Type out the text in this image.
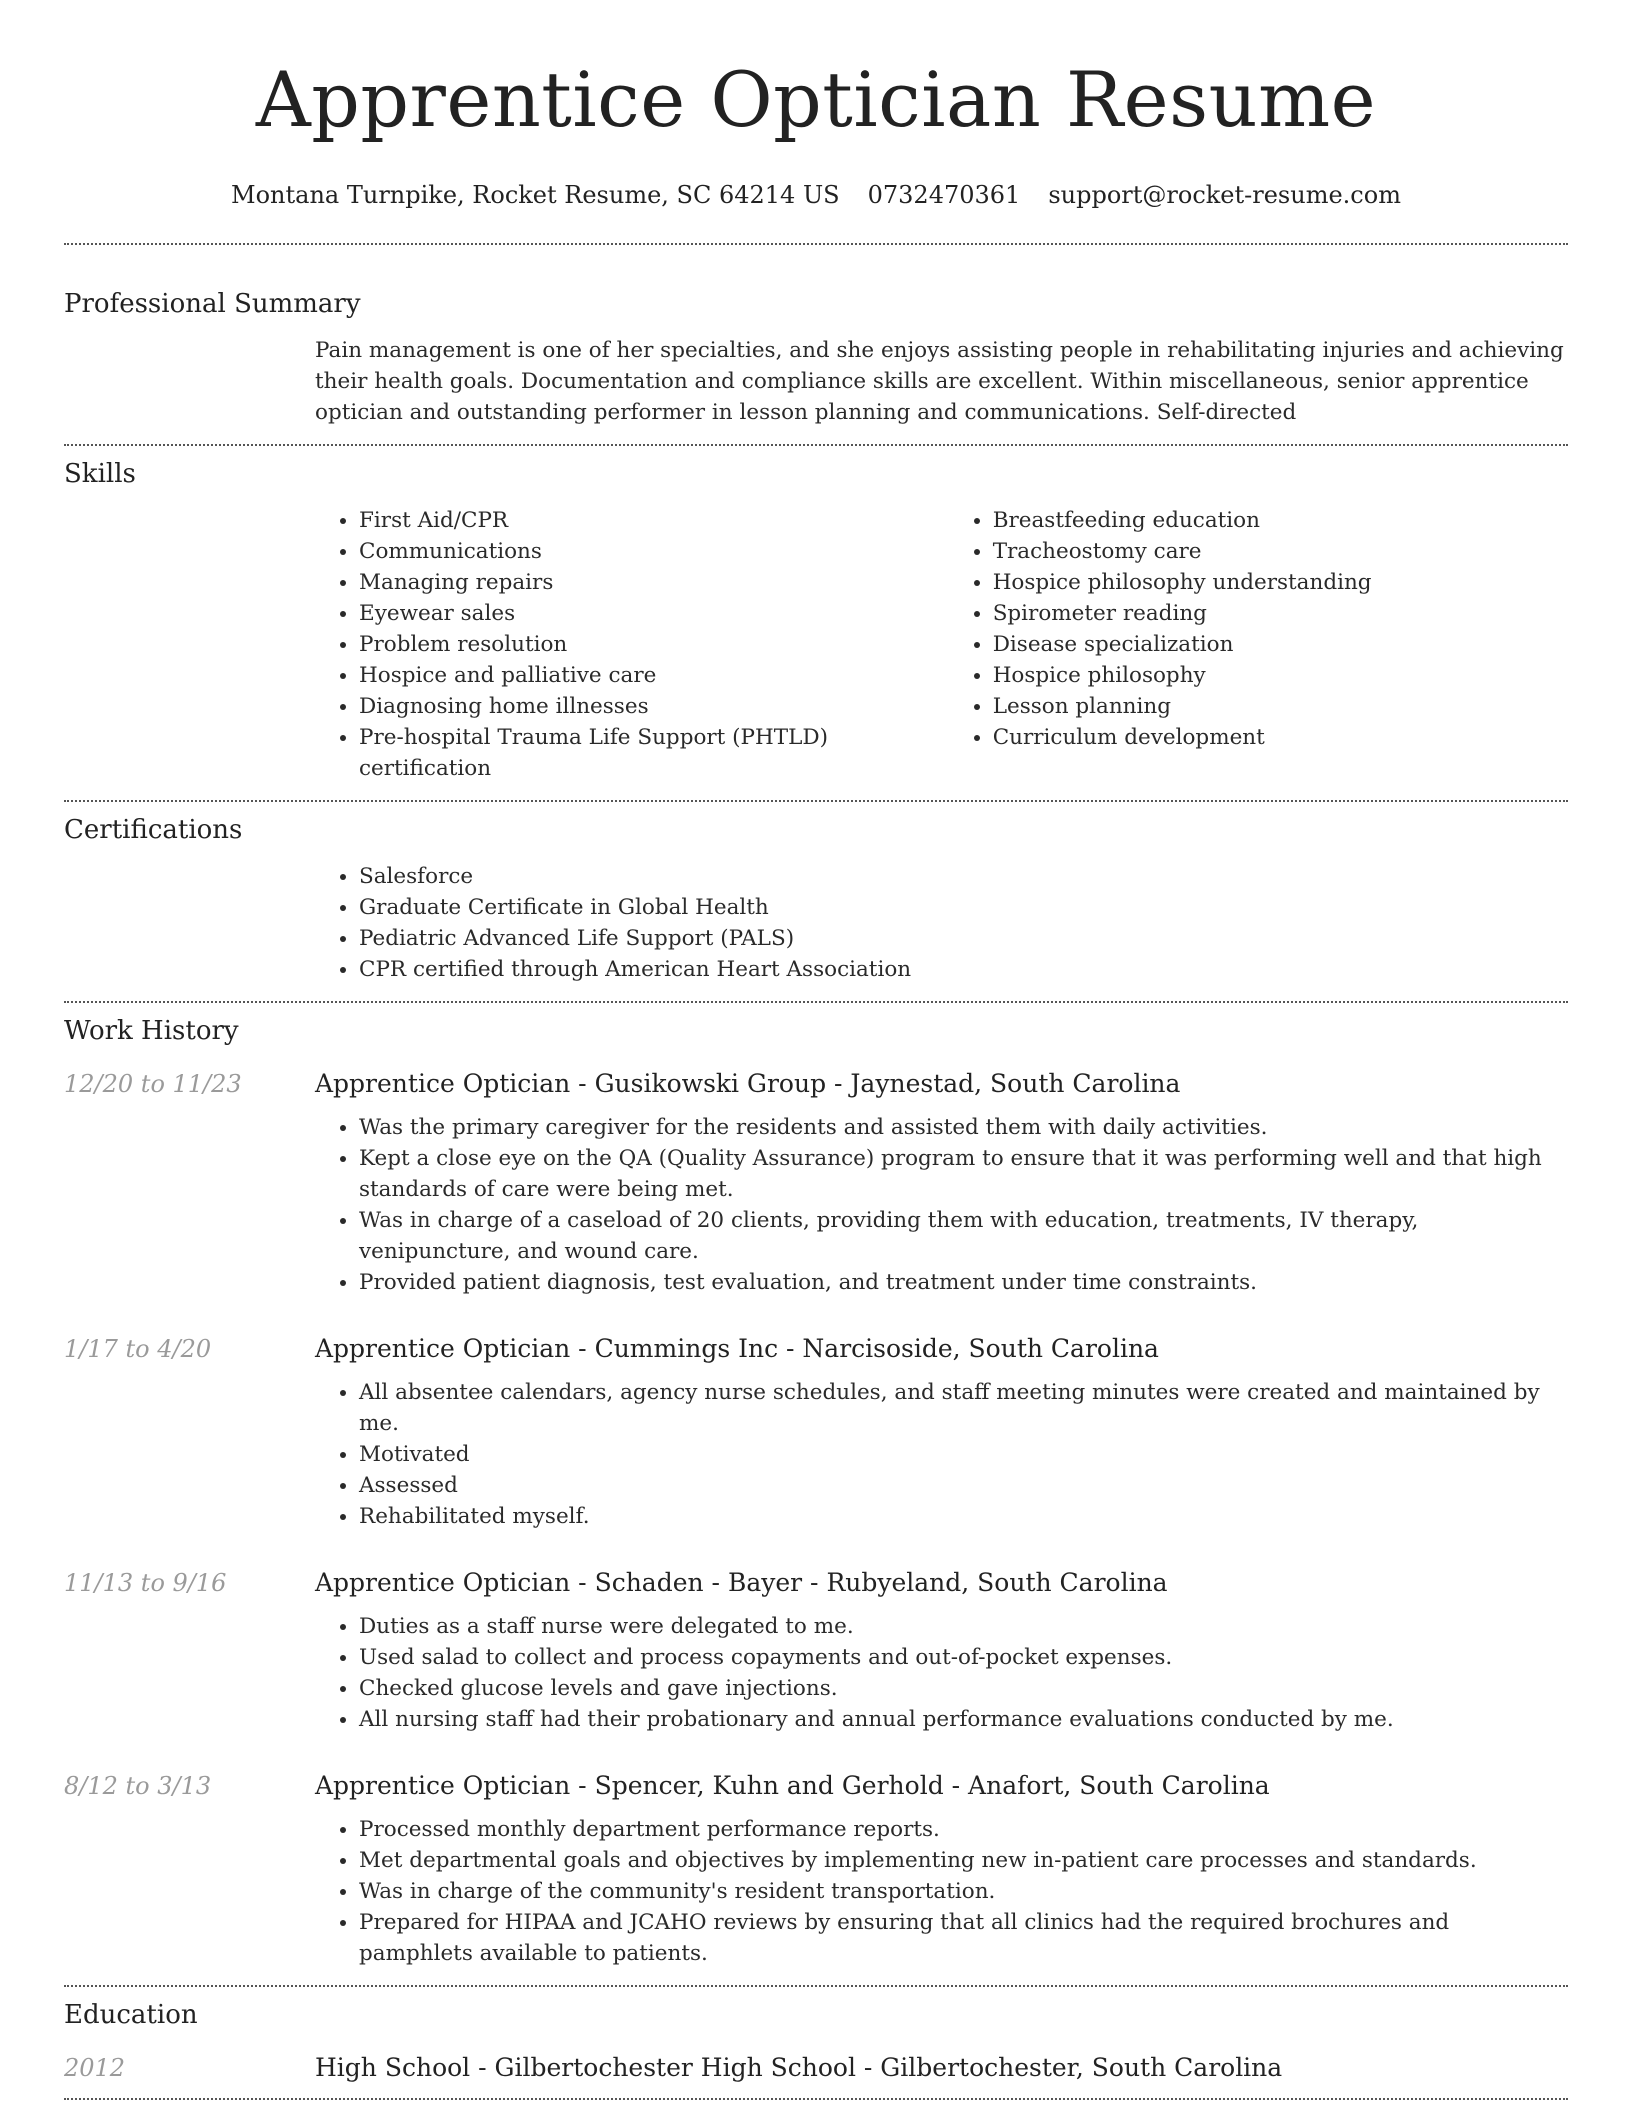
Apprentice Optician Resume
Montana Turnpike, Rocket Resume, SC 64214 US 0732470361 support@rocket-resume.com
Professional Summary

Pain management is one of her specialties, and she enjoys assisting people in rehabilitating injuries and achieving their health goals. Documentation and compliance skills are excellent. Within miscellaneous, senior apprentice optician and outstanding performer in lesson planning and communications. Self-directed

Skills
• First Aid/CPR
• Communications
• Managing repairs
• Eyewear sales
• Problem resolution
• Hospice and palliative care
• Diagnosing home illnesses
• Pre-hospital Trauma Life Support (PHTLD) certification
• Breastfeeding education
• Tracheostomy care
• Hospice philosophy understanding
• Spirometer reading
• Disease specialization
• Hospice philosophy
• Lesson planning
• Curriculum development
Certifications
• Salesforce
• Graduate Certificate in Global Health
• Pediatric Advanced Life Support (PALS)
• CPR certified through American Heart Association
Work History
12/20 to 11/23	Apprentice Optician - Gusikowski Group - Jaynestad, South Carolina
• Was the primary caregiver for the residents and assisted them with daily activities.
• Kept a close eye on the QA (Quality Assurance) program to ensure that it was performing well and that high standards of care were being met.
• Was in charge of a caseload of 20 clients, providing them with education, treatments, IV therapy, venipuncture, and wound care.
• Provided patient diagnosis, test evaluation, and treatment under time constraints.
1/17 to 4/20	Apprentice Optician - Cummings Inc - Narcisoside, South Carolina
• All absentee calendars, agency nurse schedules, and staff meeting minutes were created and maintained by me.
• Motivated
• Assessed
• Rehabilitated myself.
11/13 to 9/16	Apprentice Optician - Schaden - Bayer - Rubyeland, South Carolina
• Duties as a staff nurse were delegated to me.
• Used salad to collect and process copayments and out-of-pocket expenses.
• Checked glucose levels and gave injections.
• All nursing staff had their probationary and annual performance evaluations conducted by me.
8/12 to 3/13	Apprentice Optician - Spencer, Kuhn and Gerhold - Anafort, South Carolina
• Processed monthly department performance reports.
• Met departmental goals and objectives by implementing new in-patient care processes and standards.
• Was in charge of the community's resident transportation.
• Prepared for HIPAA and JCAHO reviews by ensuring that all clinics had the required brochures and pamphlets available to patients.
Education
2012	High School - Gilbertochester High School - Gilbertochester, South Carolina
